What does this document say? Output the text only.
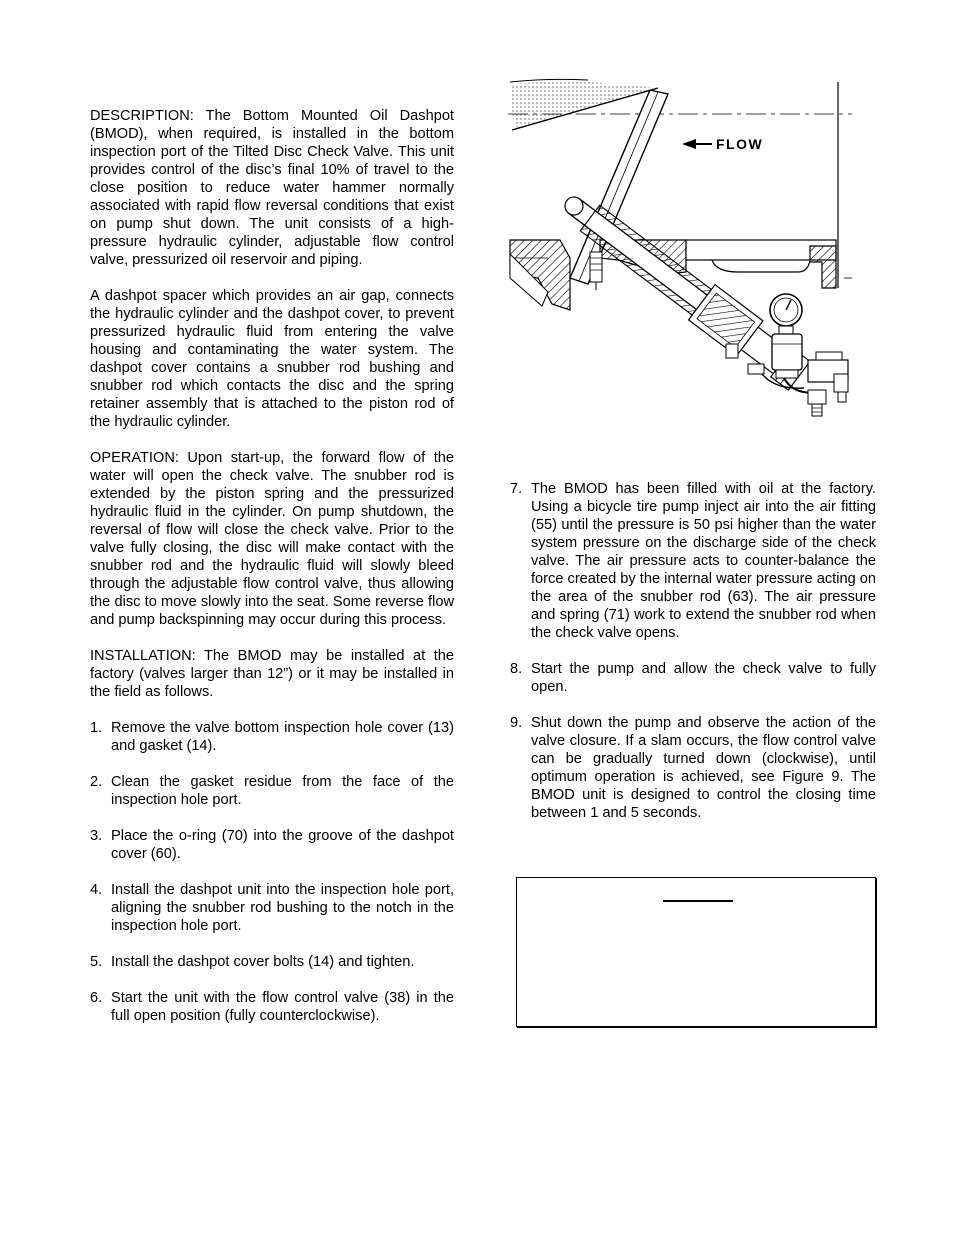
DESCRIPTION: The Bottom Mounted Oil Dashpot (BMOD), when required, is installed in the bottom inspection port of the Tilted Disc Check Valve. This unit provides control of the disc’s final 10% of travel to the close position to reduce water hammer normally associated with rapid flow reversal conditions that exist on pump shut down. The unit consists of a high-pressure hydraulic cylinder, adjustable flow control valve, pressurized oil reservoir and piping.

A dashpot spacer which provides an air gap, connects the hydraulic cylinder and the dashpot cover, to prevent pressurized hydraulic fluid from entering the valve housing and contaminating the water system. The dashpot cover contains a snubber rod bushing and snubber rod which contacts the disc and the spring retainer assembly that is attached to the piston rod of the hydraulic cylinder.

OPERATION: Upon start-up, the forward flow of the water will open the check valve. The snubber rod is extended by the piston spring and the pressurized hydraulic fluid in the cylinder. On pump shutdown, the reversal of flow will close the check valve. Prior to the valve fully closing, the disc will make contact with the snubber rod and the hydraulic fluid will slowly bleed through the adjustable flow control valve, thus allowing the disc to move slowly into the seat. Some reverse flow and pump backspinning may occur during this process.

INSTALLATION: The BMOD may be installed at the factory (valves larger than 12”) or it may be installed in the field as follows.

1. Remove the valve bottom inspection hole cover (13) and gasket (14).
2. Clean the gasket residue from the face of the inspection hole port.
3. Place the o-ring (70) into the groove of the dashpot cover (60).
4. Install the dashpot unit into the inspection hole port, aligning the snubber rod bushing to the notch in the inspection hole port.
5. Install the dashpot cover bolts (14) and tighten.
6. Start the unit with the flow control valve (38) in the full open position (fully counterclockwise).
FLOW
7. The BMOD has been filled with oil at the factory. Using a bicycle tire pump inject air into the air fitting (55) until the pressure is 50 psi higher than the water system pressure on the discharge side of the check valve. The air pressure acts to counter-balance the force created by the internal water pressure acting on the area of the snubber rod (63). The air pressure and spring (71) work to extend the snubber rod when the check valve opens.
8. Start the pump and allow the check valve to fully open.
9. Shut down the pump and observe the action of the valve closure. If a slam occurs, the flow control valve can be gradually turned down (clockwise), until optimum operation is achieved, see Figure 9. The BMOD unit is designed to control the closing time between 1 and 5 seconds.
